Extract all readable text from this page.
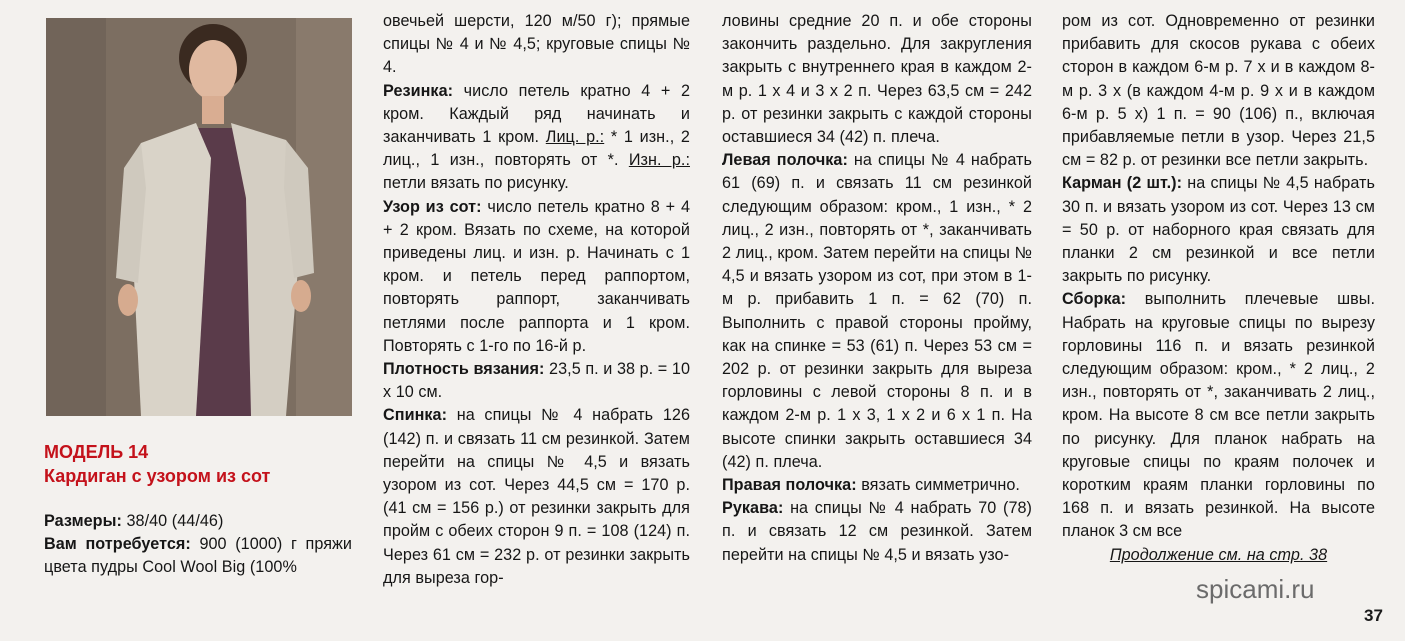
МОДЕЛЬ 14
Кардиган с узором из сот

Размеры: 38/40 (44/46)

Вам потребуется: 900 (1000) г пряжи цвета пудры Cool Wool Big (100%

овечьей шерсти, 120 м/50 г); прямые спицы № 4 и № 4,5; круговые спицы № 4.

Резинка: число петель кратно 4 + 2 кром. Каждый ряд начинать и заканчивать 1 кром. Лиц. р.: * 1 изн., 2 лиц., 1 изн., повторять от *. Изн. р.: петли вязать по рисунку.

Узор из сот: число петель кратно 8 + 4 + 2 кром. Вязать по схеме, на которой приведены лиц. и изн. р. Начинать с 1 кром. и петель перед раппортом, повторять раппорт, заканчивать петлями после раппорта и 1 кром. Повторять с 1-го по 16-й р.

Плотность вязания: 23,5 п. и 38 р. = 10 x 10 см.

Спинка: на спицы № 4 набрать 126 (142) п. и связать 11 см резинкой. Затем перейти на спицы № 4,5 и вязать узором из сот. Через 44,5 см = 170 р. (41 см = 156 р.) от резинки закрыть для пройм с обеих сторон 9 п. = 108 (124) п. Через 61 см = 232 р. от резинки закрыть для выреза гор-

ловины средние 20 п. и обе стороны закончить раздельно. Для закругления закрыть с внутреннего края в каждом 2-м р. 1 x 4 и 3 x 2 п. Через 63,5 см = 242 р. от резинки закрыть с каждой стороны оставшиеся 34 (42) п. плеча.

Левая полочка: на спицы № 4 набрать 61 (69) п. и связать 11 см резинкой следующим образом: кром., 1 изн., * 2 лиц., 2 изн., повторять от *, заканчивать 2 лиц., кром. Затем перейти на спицы № 4,5 и вязать узором из сот, при этом в 1-м р. прибавить 1 п. = 62 (70) п. Выполнить с правой стороны пройму, как на спинке = 53 (61) п. Через 53 см = 202 р. от резинки закрыть для выреза горловины с левой стороны 8 п. и в каждом 2-м р. 1 x 3, 1 x 2 и 6 x 1 п. На высоте спинки закрыть оставшиеся 34 (42) п. плеча.

Правая полочка: вязать симметрично.

Рукава: на спицы № 4 набрать 70 (78) п. и связать 12 см резинкой. Затем перейти на спицы № 4,5 и вязать узо-

ром из сот. Одновременно от резинки прибавить для скосов рукава с обеих сторон в каждом 6-м р. 7 x и в каждом 8-м р. 3 x (в каждом 4-м р. 9 x и в каждом 6-м р. 5 x) 1 п. = 90 (106) п., включая прибавляемые петли в узор. Через 21,5 см = 82 р. от резинки все петли закрыть.

Карман (2 шт.): на спицы № 4,5 набрать 30 п. и вязать узором из сот. Через 13 см = 50 р. от наборного края связать для планки 2 см резинкой и все петли закрыть по рисунку.

Сборка: выполнить плечевые швы. Набрать на круговые спицы по вырезу горловины 116 п. и вязать резинкой следующим образом: кром., * 2 лиц., 2 изн., повторять от *, заканчивать 2 лиц., кром. На высоте 8 см все петли закрыть по рисунку. Для планок набрать на круговые спицы по краям полочек и коротким краям планки горловины по 168 п. и вязать резинкой. На высоте планок 3 см все

Продолжение см. на стр. 38

spicami.ru
37
